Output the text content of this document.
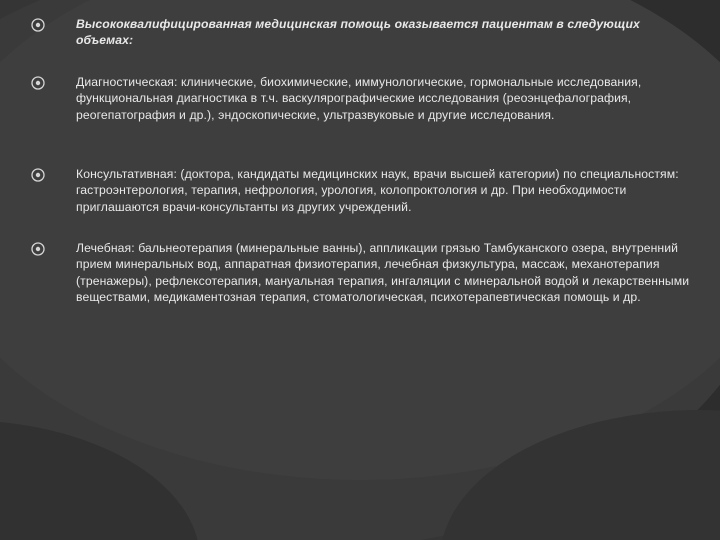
Высококвалифицированная медицинская помощь оказывается пациентам в следующих объемах:

Диагностическая: клинические, биохимические, иммунологические, гормональные исследования, функциональная диагностика в т.ч. васкулярографические исследования (реоэнцефалография, реогепатография и др.), эндоскопические, ультразвуковые и другие исследования.

Консультативная: (доктора, кандидаты медицинских наук, врачи высшей категории) по специальностям: гастроэнтерология, терапия, нефрология, урология, колопроктология и др. При необходимости приглашаются врачи-консультанты из других учреждений.

Лечебная: бальнеотерапия (минеральные ванны), аппликации грязью Тамбуканского озера, внутренний прием минеральных вод, аппаратная физиотерапия, лечебная физкультура, массаж, механотерапия (тренажеры), рефлексотерапия, мануальная терапия, ингаляции с минеральной водой и лекарственными веществами, медикаментозная терапия, стоматологическая, психотерапевтическая помощь и др.
